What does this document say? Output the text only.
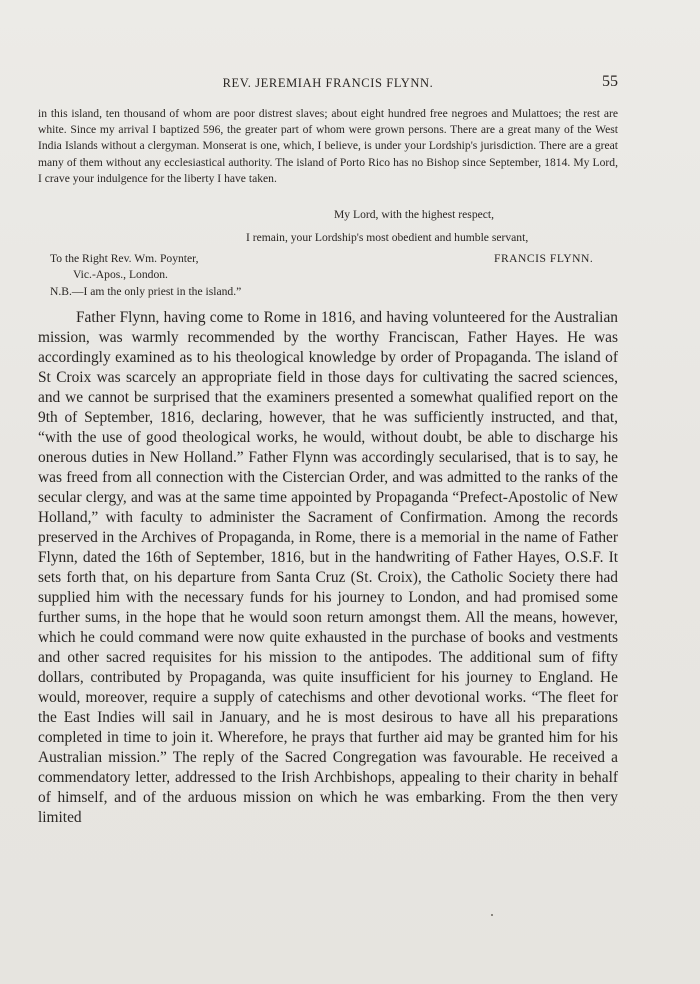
REV. JEREMIAH FRANCIS FLYNN.	55

in this island, ten thousand of whom are poor distrest slaves; about eight hundred free negroes and Mulattoes; the rest are white. Since my arrival I baptized 596, the greater part of whom were grown persons. There are a great many of the West India Islands without a clergyman. Monserat is one, which, I believe, is under your Lordship's jurisdiction. There are a great many of them without any ecclesiastical authority. The island of Porto Rico has no Bishop since September, 1814. My Lord, I crave your indulgence for the liberty I have taken.

My Lord, with the highest respect,
I remain, your Lordship's most obedient and humble servant,
To the Right Rev. Wm. Poynter,	FRANCIS FLYNN.
Vic.-Apos., London.
N.B.—I am the only priest in the island.”

Father Flynn, having come to Rome in 1816, and having volunteered for the Australian mission, was warmly recommended by the worthy Franciscan, Father Hayes. He was accordingly examined as to his theological knowledge by order of Propaganda. The island of St Croix was scarcely an appropriate field in those days for cultivating the sacred sciences, and we cannot be surprised that the examiners presented a somewhat qualified report on the 9th of September, 1816, declaring, however, that he was sufficiently instructed, and that, “with the use of good theological works, he would, without doubt, be able to discharge his onerous duties in New Holland.” Father Flynn was accordingly secularised, that is to say, he was freed from all connection with the Cistercian Order, and was admitted to the ranks of the secular clergy, and was at the same time appointed by Propaganda “Prefect-Apostolic of New Holland,” with faculty to administer the Sacrament of Confirmation. Among the records preserved in the Archives of Propaganda, in Rome, there is a memorial in the name of Father Flynn, dated the 16th of September, 1816, but in the handwriting of Father Hayes, O.S.F. It sets forth that, on his departure from Santa Cruz (St. Croix), the Catholic Society there had supplied him with the necessary funds for his journey to London, and had promised some further sums, in the hope that he would soon return amongst them. All the means, however, which he could command were now quite exhausted in the purchase of books and vestments and other sacred requisites for his mission to the antipodes. The additional sum of fifty dollars, contributed by Propaganda, was quite insufficient for his journey to England. He would, moreover, require a supply of catechisms and other devotional works. “The fleet for the East Indies will sail in January, and he is most desirous to have all his preparations completed in time to join it. Wherefore, he prays that further aid may be granted him for his Australian mission.” The reply of the Sacred Congregation was favourable. He received a commendatory letter, addressed to the Irish Archbishops, appealing to their charity in behalf of himself, and of the arduous mission on which he was embarking. From the then very limited
